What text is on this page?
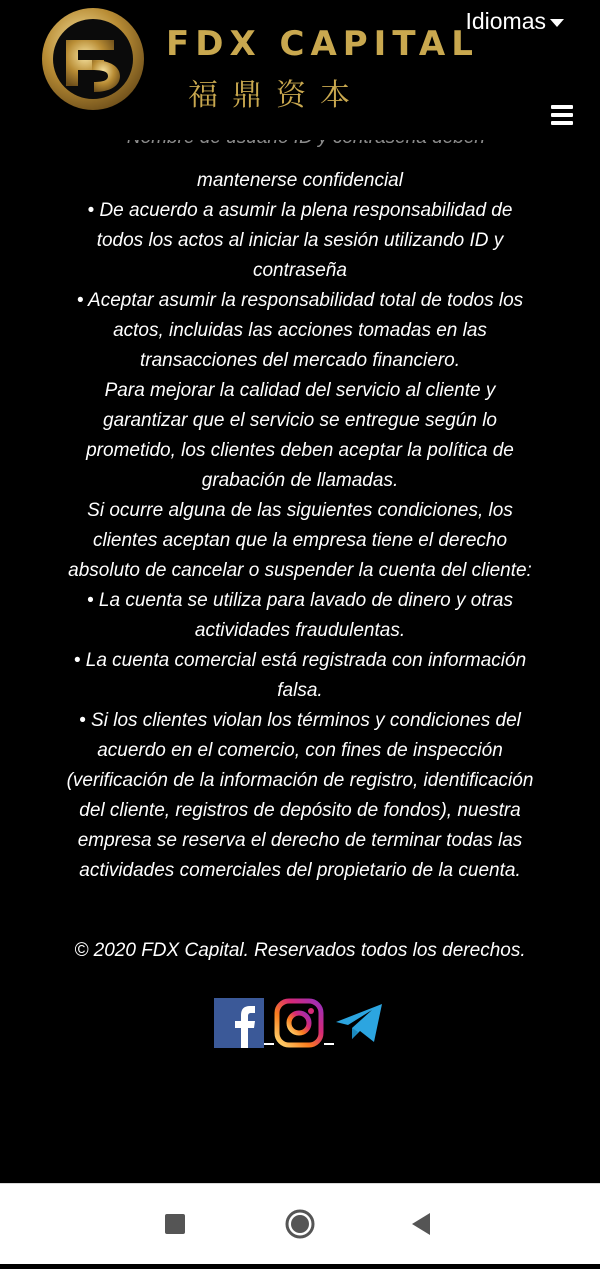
FDX CAPITAL
福鼎资本
Idiomas

mantenerse confidencial

• De acuerdo a asumir la plena responsabilidad de

todos los actos al iniciar la sesión utilizando ID y

contraseña

• Aceptar asumir la responsabilidad total de todos los

actos, incluidas las acciones tomadas en las

transacciones del mercado financiero.

Para mejorar la calidad del servicio al cliente y

garantizar que el servicio se entregue según lo

prometido, los clientes deben aceptar la política de

grabación de llamadas.

Si ocurre alguna de las siguientes condiciones, los

clientes aceptan que la empresa tiene el derecho

absoluto de cancelar o suspender la cuenta del cliente:

• La cuenta se utiliza para lavado de dinero y otras

actividades fraudulentas.

• La cuenta comercial está registrada con información

falsa.

• Si los clientes violan los términos y condiciones del

acuerdo en el comercio, con fines de inspección

(verificación de la información de registro, identificación

del cliente, registros de depósito de fondos), nuestra

empresa se reserva el derecho de terminar todas las

actividades comerciales del propietario de la cuenta.

© 2020 FDX Capital. Reservados todos los derechos.
